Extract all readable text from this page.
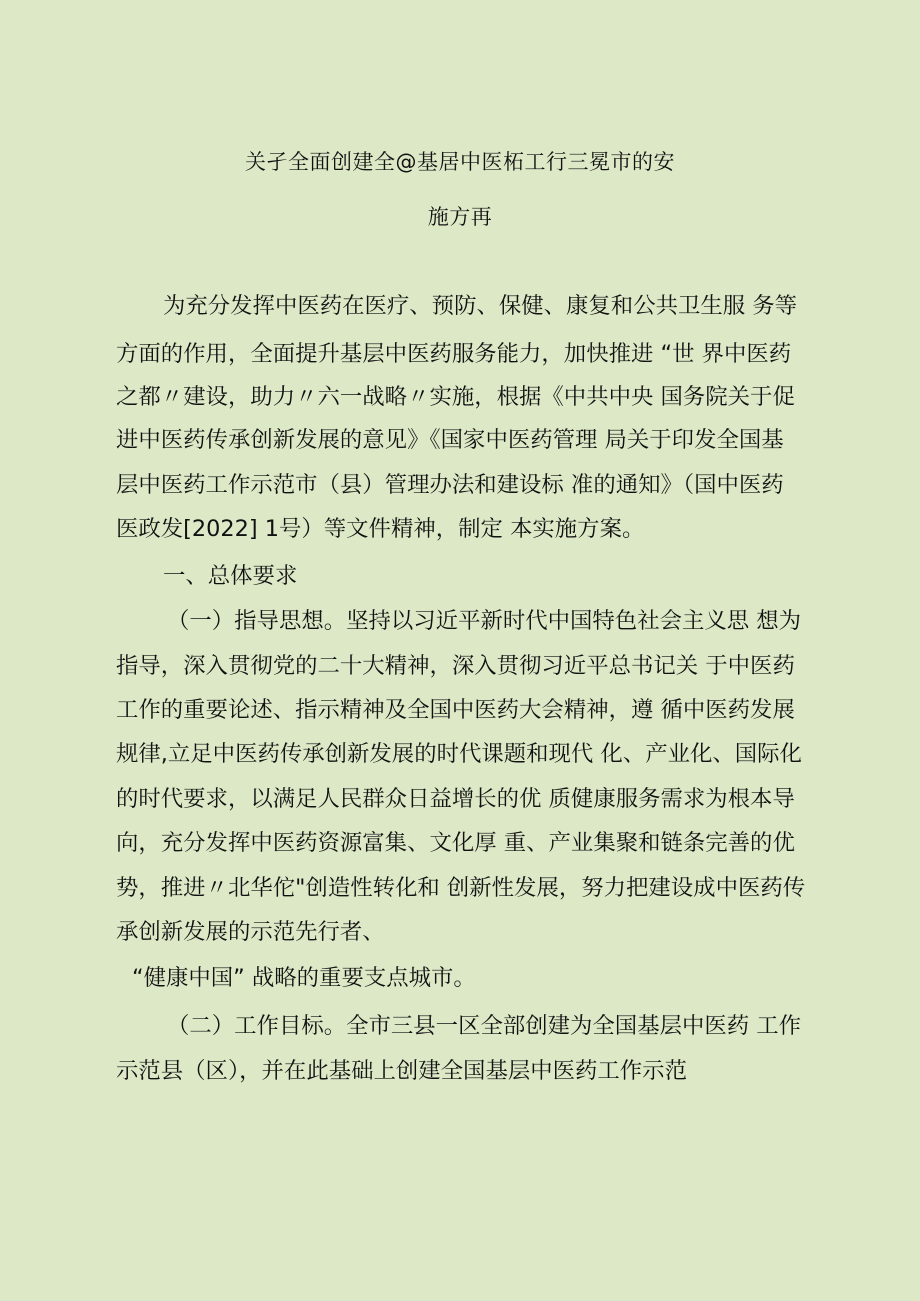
关孑全面创建全@基居中医柘工行三冕市的安
施方再
为充分发挥中医药在医疗、预防、保健、康复和公共卫生服 务等
方面的作用，全面提升基层中医药服务能力，加快推进 “世 界中医药
之都〃建设，助力〃六一战略〃实施，根据《中共中央 国务院关于促
进中医药传承创新发展的意见》《国家中医药管理 局关于印发全国基
层中医药工作示范市（县）管理办法和建设标 准的通知》（国中医药
医政发[2022] 1号）等文件精神，制定 本实施方案。
一、总体要求
（一）指导思想。坚持以习近平新时代中国特色社会主义思 想为
指导，深入贯彻党的二十大精神，深入贯彻习近平总书记关 于中医药
工作的重要论述、指示精神及全国中医药大会精神，遵 循中医药发展
规律,立足中医药传承创新发展的时代课题和现代 化、产业化、国际化
的时代要求，以满足人民群众日益增长的优 质健康服务需求为根本导
向，充分发挥中医药资源富集、文化厚 重、产业集聚和链条完善的优
势，推进〃北华佗"创造性转化和 创新性发展，努力把建设成中医药传
承创新发展的示范先行者、
“健康中国” 战略的重要支点城市。
（二）工作目标。全市三县一区全部创建为全国基层中医药 工作
示范县（区），并在此基础上创建全国基层中医药工作示范
